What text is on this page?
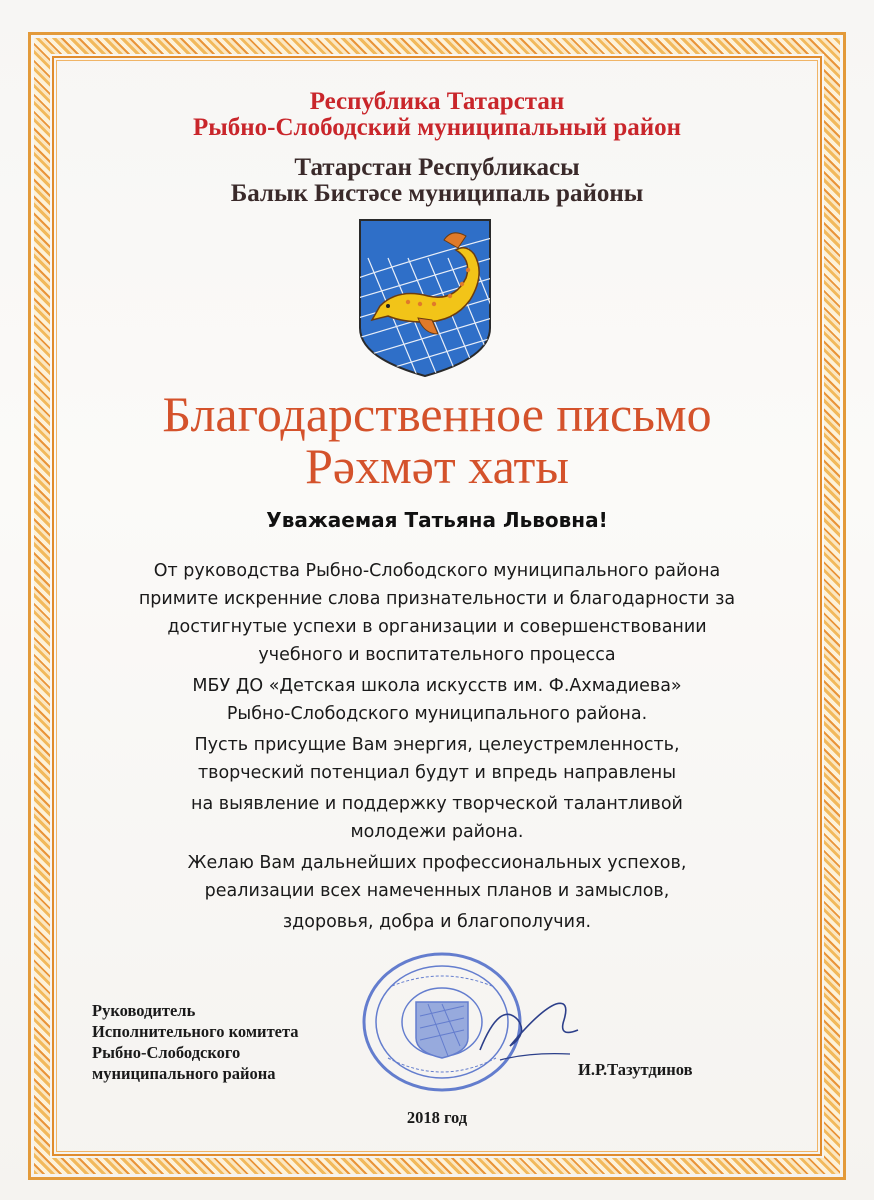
Республика Татарстан
Рыбно-Слободский муниципальный район
Татарстан Республикасы
Балык Бистәсе муниципаль районы
Благодарственное письмо
Рәхмәт хаты
Уважаемая Татьяна Львовна!
От руководства Рыбно-Слободского муниципального района
примите искренние слова признательности и благодарности за
достигнутые успехи в организации и совершенствовании
учебного и воспитательного процесса
МБУ ДО «Детская школа искусств им. Ф.Ахмадиева»
Рыбно-Слободского муниципального района.
Пусть присущие Вам энергия, целеустремленность,
творческий потенциал будут и впредь направлены
на выявление и поддержку творческой талантливой
молодежи района.
Желаю Вам дальнейших профессиональных успехов,
реализации всех намеченных планов и замыслов,
здоровья, добра и благополучия.
Руководитель
Исполнительного комитета
Рыбно-Слободского
муниципального района	И.Р.Тазутдинов
2018 год
